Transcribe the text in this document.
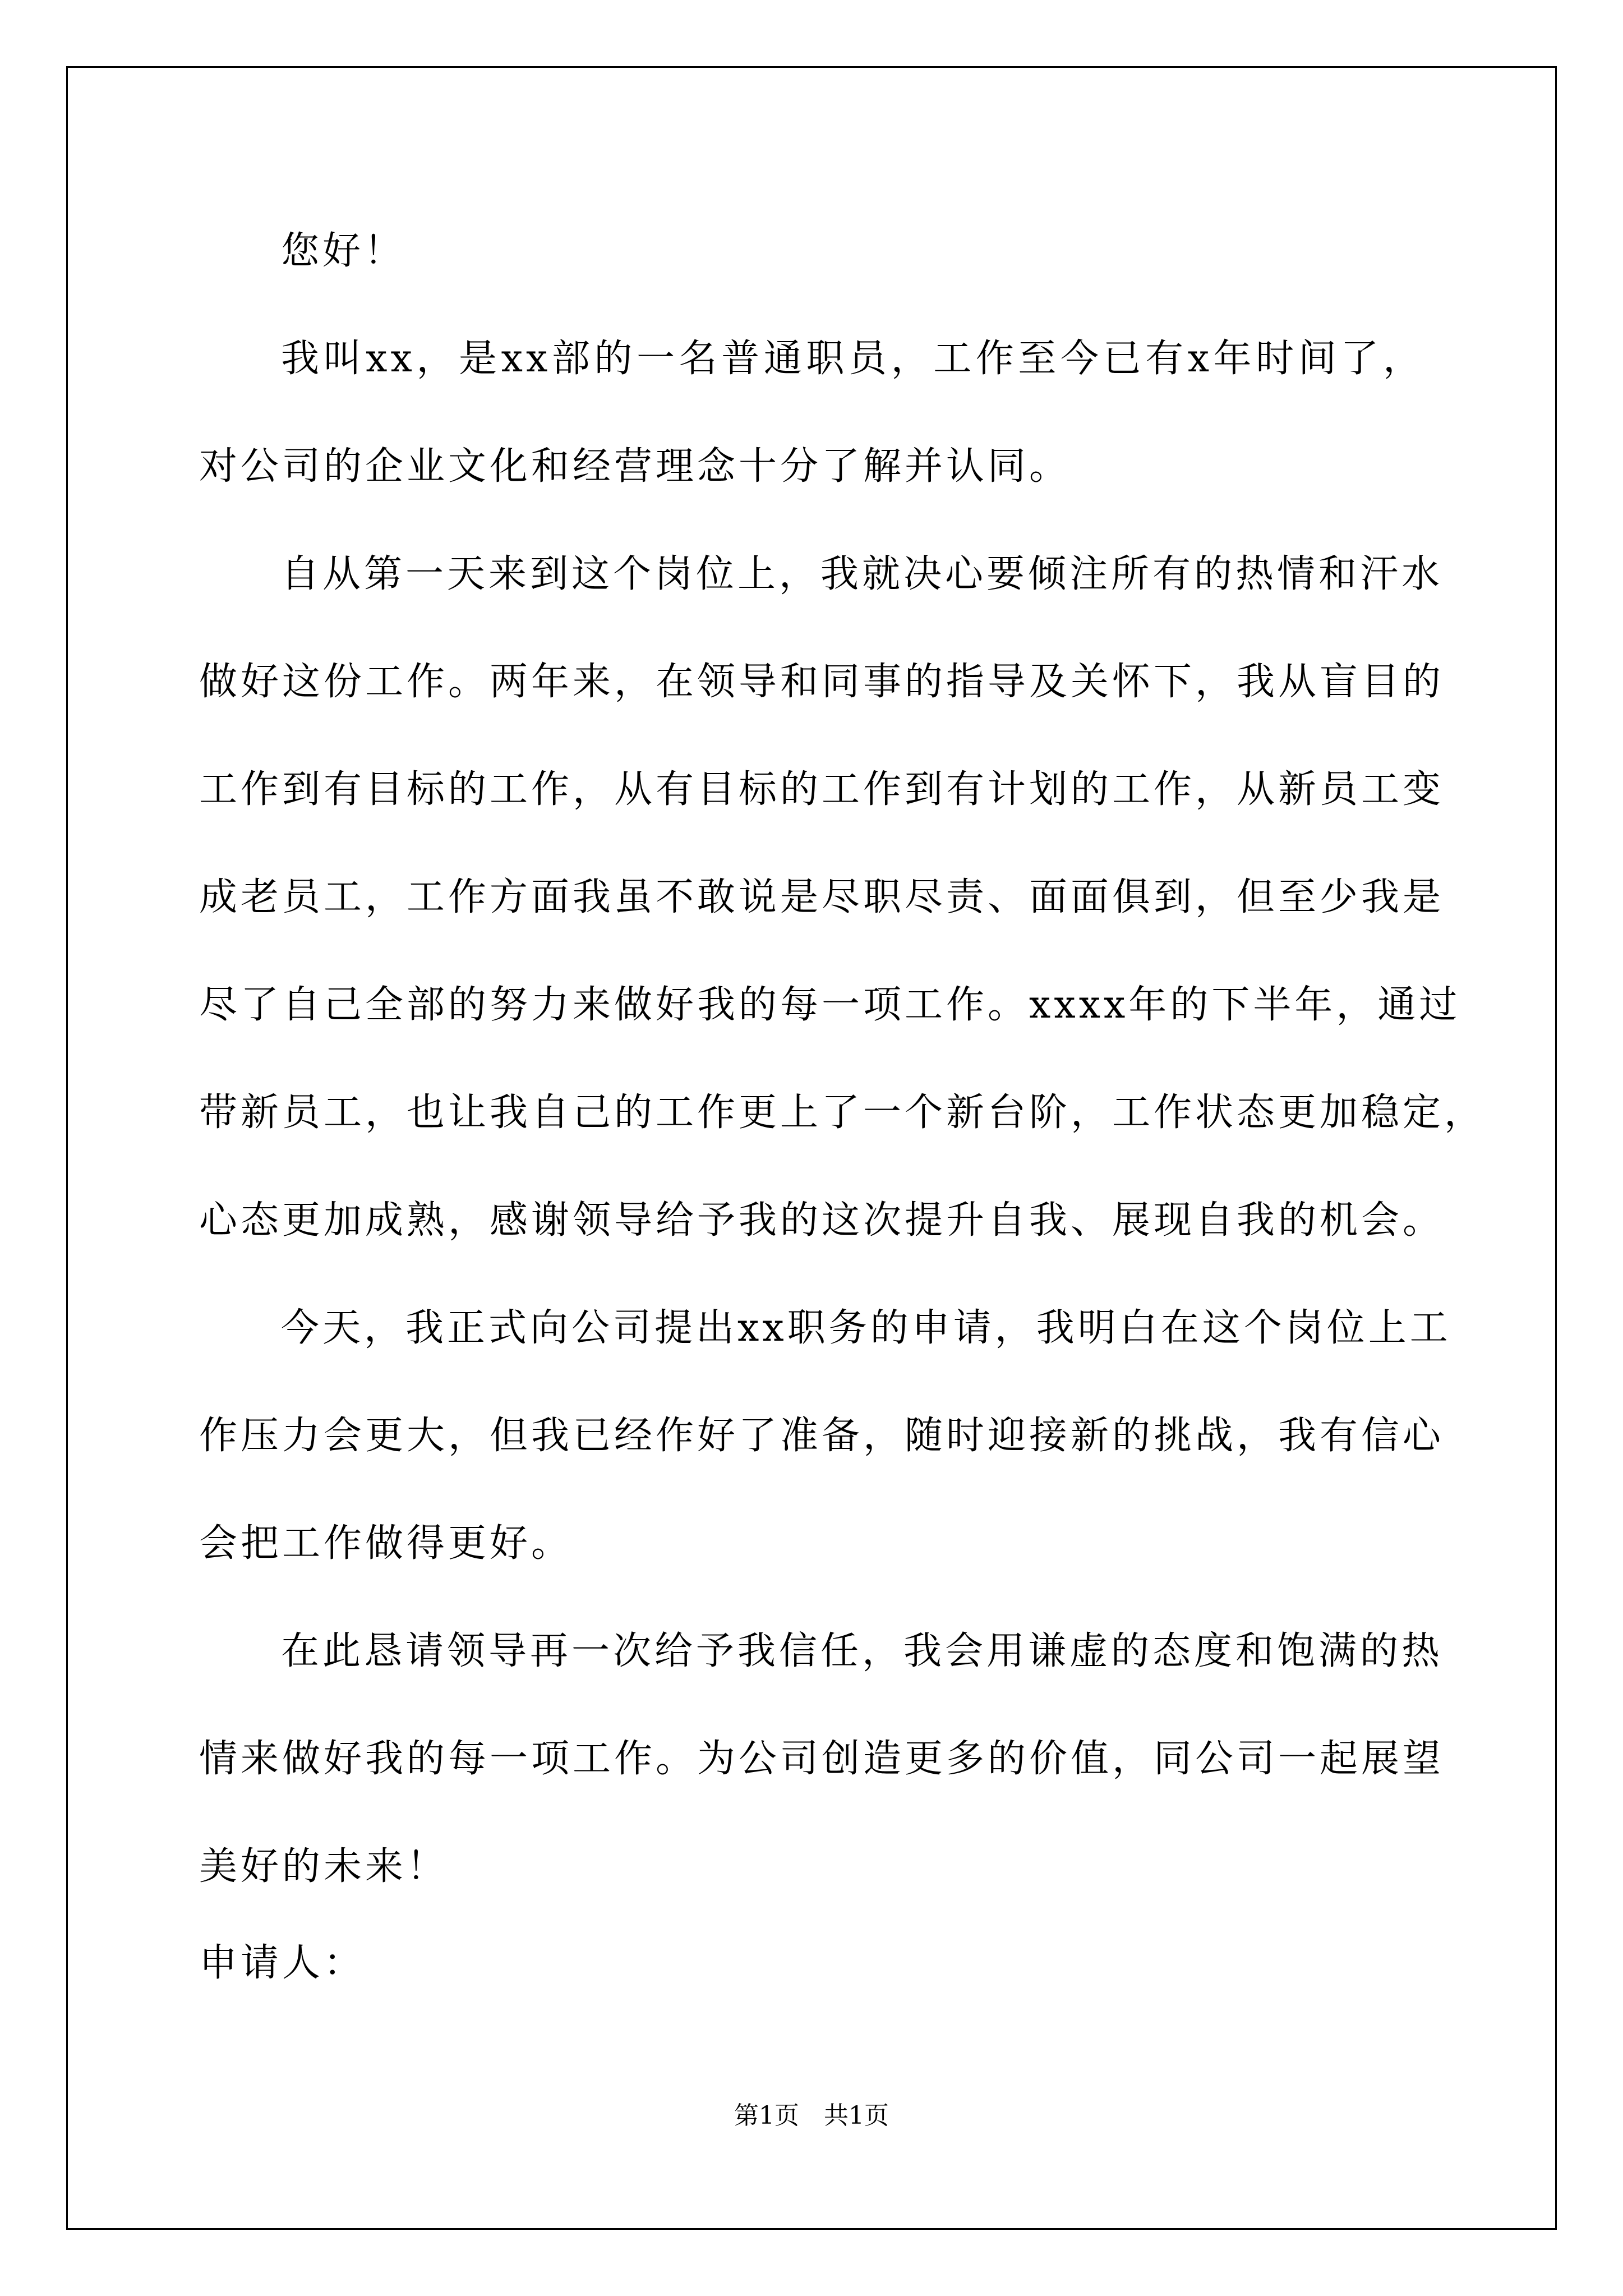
您好！
我叫xx，是xx部的一名普通职员，工作至今已有x年时间了，
对公司的企业文化和经营理念十分了解并认同。
自从第一天来到这个岗位上，我就决心要倾注所有的热情和汗水
做好这份工作。两年来，在领导和同事的指导及关怀下，我从盲目的
工作到有目标的工作，从有目标的工作到有计划的工作，从新员工变
成老员工，工作方面我虽不敢说是尽职尽责、面面俱到，但至少我是
尽了自己全部的努力来做好我的每一项工作。xxxx年的下半年，通过
带新员工，也让我自己的工作更上了一个新台阶，工作状态更加稳定，
心态更加成熟，感谢领导给予我的这次提升自我、展现自我的机会。
今天，我正式向公司提出xx职务的申请，我明白在这个岗位上工
作压力会更大，但我已经作好了准备，随时迎接新的挑战，我有信心
会把工作做得更好。
在此恳请领导再一次给予我信任，我会用谦虚的态度和饱满的热
情来做好我的每一项工作。为公司创造更多的价值，同公司一起展望
美好的未来！
申请人：
第1页　共1页
